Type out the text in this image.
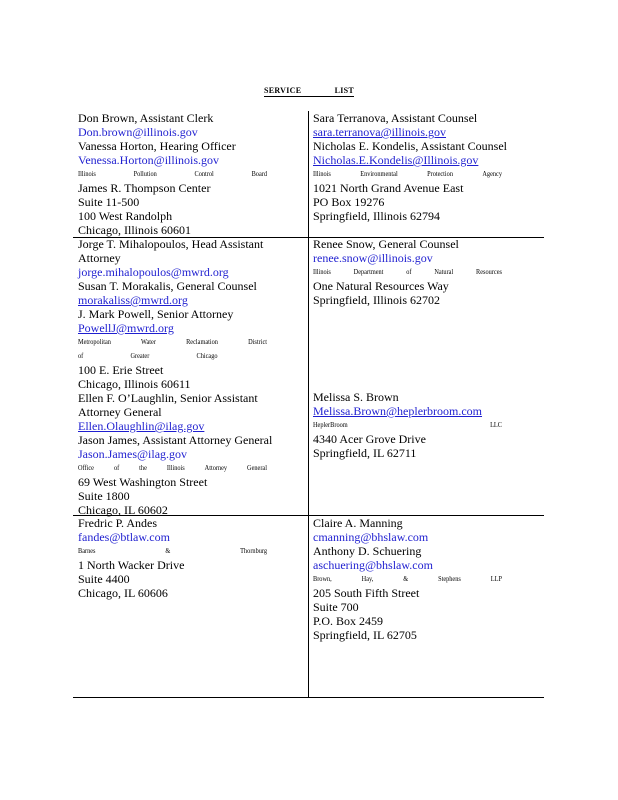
SERVICE	LIST
Don Brown, Assistant Clerk
Don.brown@illinois.gov
Vanessa Horton, Hearing Officer
Venessa.Horton@illinois.gov
Illinois	Pollution	Control	Board
James R. Thompson Center
Suite 11-500
100 West Randolph
Chicago, Illinois 60601
Sara Terranova, Assistant Counsel
sara.terranova@illinois.gov
Nicholas E. Kondelis, Assistant Counsel
Nicholas.E.Kondelis@Illinois.gov
Illinois	Environmental	Protection	Agency
1021 North Grand Avenue East
PO Box 19276
Springfield, Illinois 62794
Jorge T. Mihalopoulos, Head Assistant
Attorney
jorge.mihalopoulos@mwrd.org
Susan T. Morakalis, General Counsel
morakaliss@mwrd.org
J. Mark Powell, Senior Attorney
PowellJ@mwrd.org
Metropolitan	Water	Reclamation	District
of	Greater	Chicago
100 E. Erie Street
Chicago, Illinois 60611
Ellen F. O’Laughlin, Senior Assistant
Attorney General
Ellen.Olaughlin@ilag.gov
Jason James, Assistant Attorney General
Jason.James@ilag.gov
Office	of	the	Illinois	Attorney	General
69 West Washington Street
Suite 1800
Chicago, IL 60602
Renee Snow, General Counsel
renee.snow@illinois.gov
Illinois	Department	of	Natural	Resources
One Natural Resources Way
Springfield, Illinois 62702
Melissa S. Brown
Melissa.Brown@heplerbroom.com
HeplerBroom	LLC
4340 Acer Grove Drive
Springfield, IL 62711
Fredric P. Andes
fandes@btlaw.com
Barnes	&	Thornburg
1 North Wacker Drive
Suite 4400
Chicago, IL 60606
Claire A. Manning
cmanning@bhslaw.com
Anthony D. Schuering
aschuering@bhslaw.com
Brown,	Hay,	&	Stephens	LLP
205 South Fifth Street
Suite 700
P.O. Box 2459
Springfield, IL 62705
